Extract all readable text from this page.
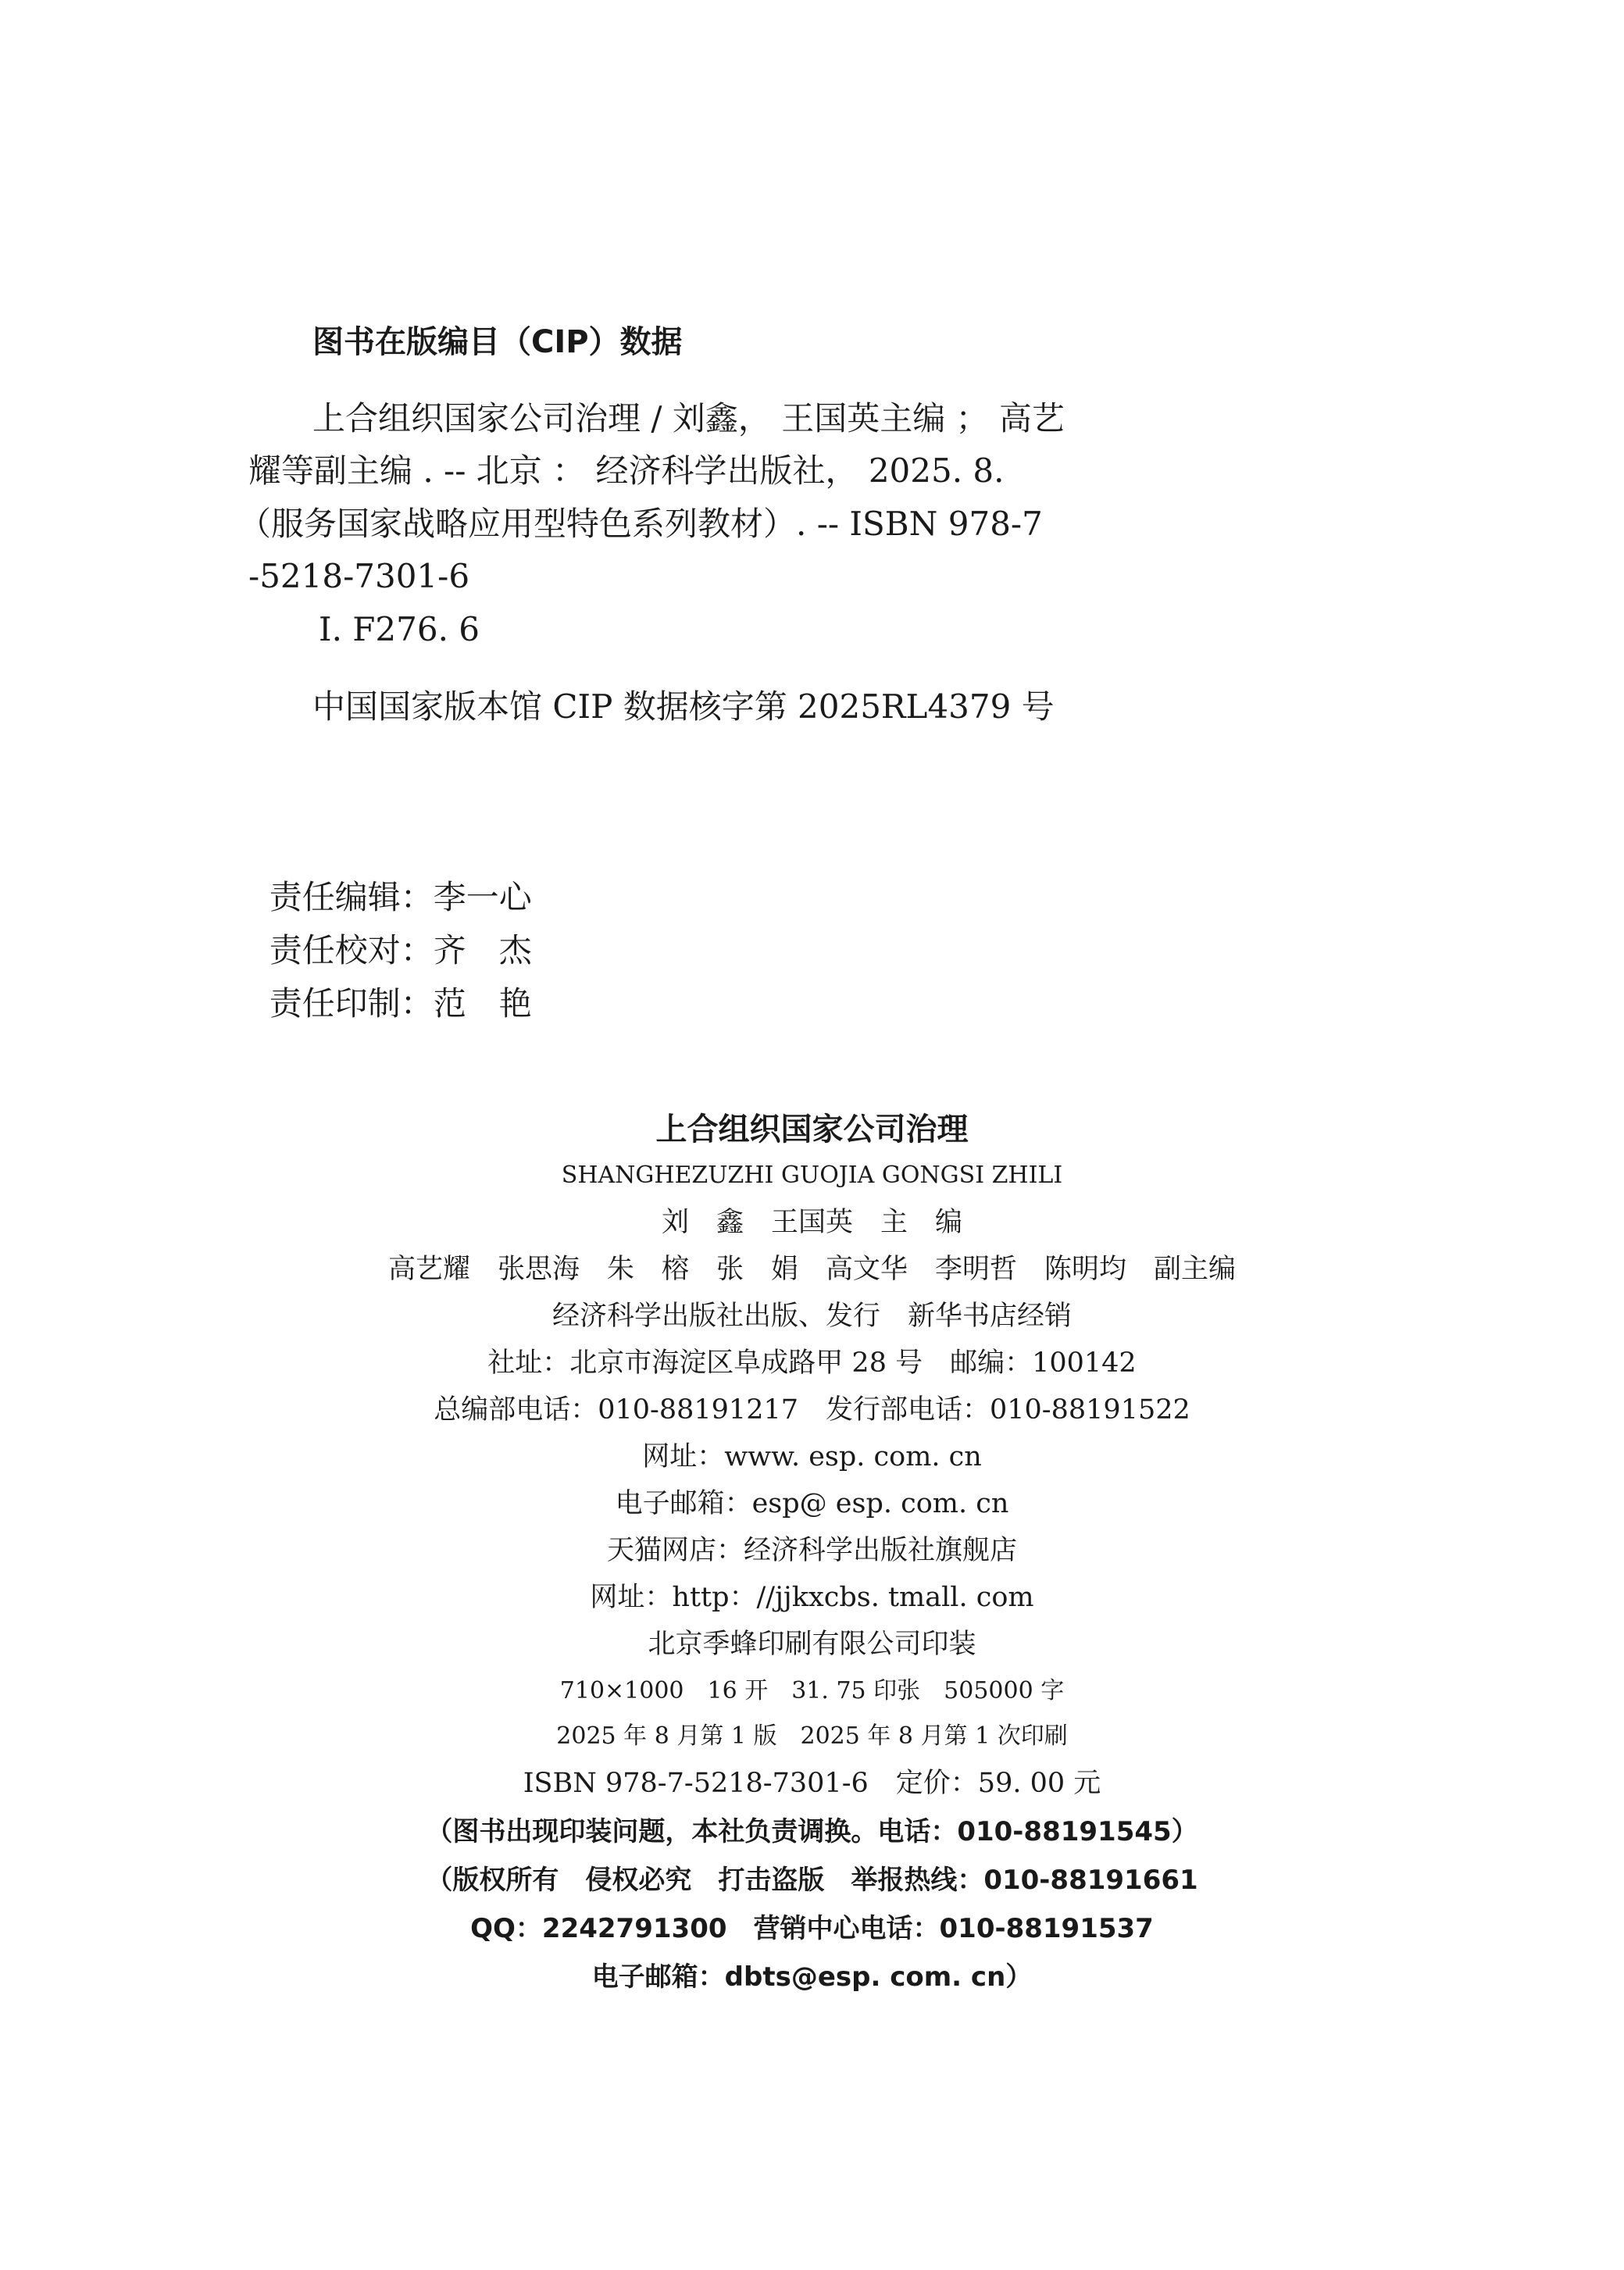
图书在版编目（CIP）数据
上合组织国家公司治理 / 刘鑫， 王国英主编 ； 高艺
耀等副主编 . -- 北京 ： 经济科学出版社， 2025. 8.
（服务国家战略应用型特色系列教材）. -- ISBN 978-7
-5218-7301-6
Ⅰ. F276. 6
中国国家版本馆 CIP 数据核字第 2025RL4379 号

责任编辑：李一心

责任校对：齐　杰

责任印制：范　艳

上合组织国家公司治理
SHANGHEZUZHI GUOJIA GONGSI ZHILI
刘　鑫　王国英　主　编
高艺耀　张思海　朱　榕　张　娟　高文华　李明哲　陈明均　副主编
经济科学出版社出版、发行　新华书店经销
社址：北京市海淀区阜成路甲 28 号　邮编：100142
总编部电话：010-88191217　发行部电话：010-88191522
网址：www. esp. com. cn
电子邮箱：esp@ esp. com. cn
天猫网店：经济科学出版社旗舰店
网址：http：//jjkxcbs. tmall. com
北京季蜂印刷有限公司印装
710×1000　16 开　31. 75 印张　505000 字
2025 年 8 月第 1 版　2025 年 8 月第 1 次印刷
ISBN 978-7-5218-7301-6　定价：59. 00 元
（图书出现印装问题，本社负责调换。电话：010-88191545）
（版权所有　侵权必究　打击盗版　举报热线：010-88191661
QQ：2242791300　营销中心电话：010-88191537
电子邮箱：dbts@esp. com. cn）
